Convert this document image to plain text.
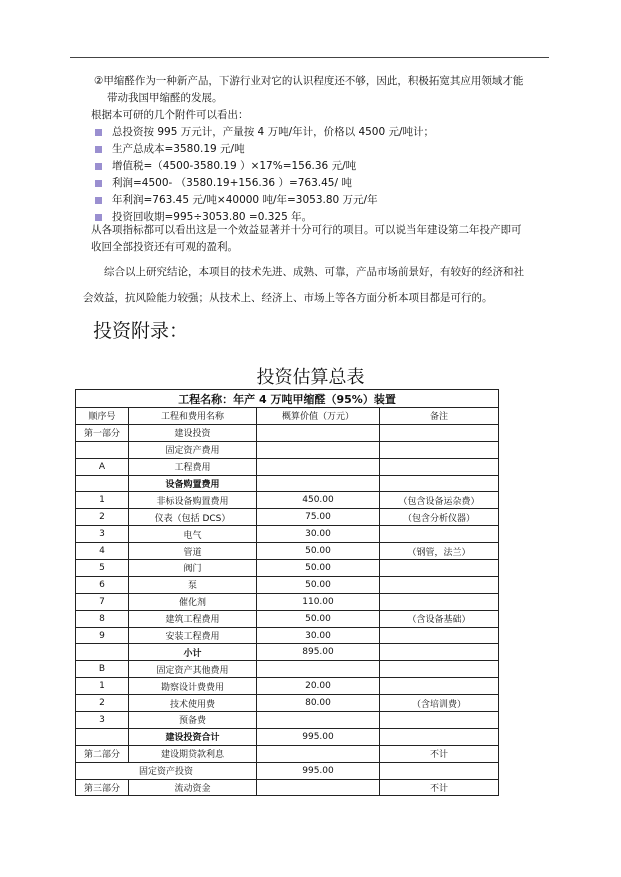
②甲缩醛作为一种新产品，下游行业对它的认识程度还不够，因此，积极拓宽其应用领域才能
带动我国甲缩醛的发展。
根据本可研的几个附件可以看出：
总投资按 995 万元计，产量按 4 万吨/年计，价格以 4500 元/吨计；
生产总成本=3580.19 元/吨
增值税=（4500-3580.19 ）×17%=156.36 元/吨
利润=4500- （3580.19+156.36 ）=763.45/ 吨
年利润=763.45 元/吨×40000 吨/年=3053.80 万元/年
投资回收期=995÷3053.80 =0.325 年。
从各项指标都可以看出这是一个效益显著并十分可行的项目。可以说当年建设第二年投产即可
收回全部投资还有可观的盈利。
综合以上研究结论，本项目的技术先进、成熟、可靠，产品市场前景好，有较好的经济和社
会效益，抗风险能力较强；从技术上、经济上、市场上等各方面分析本项目都是可行的。
投资附录：
投资估算总表
工程名称：年产 4 万吨甲缩醛（95%）装置			
顺序号	工程和费用名称	概算价值（万元）	备注
第一部分	建设投资		
	固定资产费用		
A	工程费用		
	设备购置费用		
1	非标设备购置费用	450.00	（包含设备运杂费）
2	仪表（包括 DCS）	75.00	（包含分析仪器）
3	电气	30.00	
4	管道	50.00	（钢管，法兰）
5	阀门	50.00	
6	泵	50.00	
7	催化剂	110.00	
8	建筑工程费用	50.00	（含设备基础）
9	安装工程费用	30.00	
	小计	895.00	
B	固定资产其他费用		
1	勘察设计费费用	20.00	
2	技术使用费	80.00	（含培训费）
3	预备费		
	建设投资合计	995.00	
第二部分	建设期贷款利息		不计
固定资产投资		995.00	
第三部分	流动资金		不计
